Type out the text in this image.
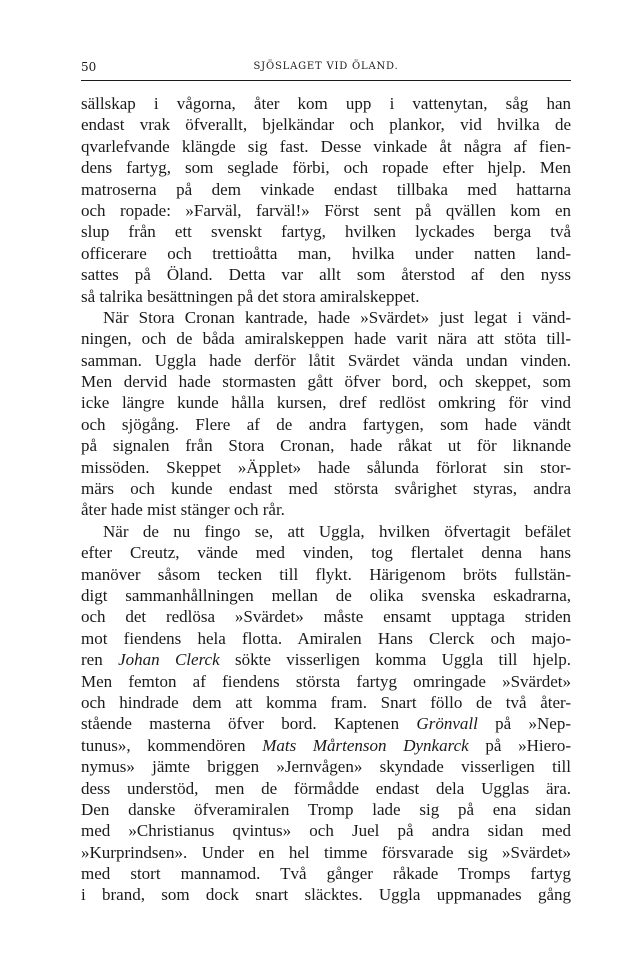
50	SJÖSLAGET VID ÖLAND.
sällskap i vågorna, åter kom upp i vattenytan, såg han
endast vrak öfverallt, bjelkändar och plankor, vid hvilka de
qvarlefvande klängde sig fast. Desse vinkade åt några af fien-
dens fartyg, som seglade förbi, och ropade efter hjelp. Men
matroserna på dem vinkade endast tillbaka med hattarna
och ropade: »Farväl, farväl!» Först sent på qvällen kom en
slup från ett svenskt fartyg, hvilken lyckades berga två
officerare och trettioåtta man, hvilka under natten land-
sattes på Öland. Detta var allt som återstod af den nyss
så talrika besättningen på det stora amiralskeppet.
När Stora Cronan kantrade, hade »Svärdet» just legat i vänd-
ningen, och de båda amiralskeppen hade varit nära att stöta till-
samman. Uggla hade derför låtit Svärdet vända undan vinden.
Men dervid hade stormasten gått öfver bord, och skeppet, som
icke längre kunde hålla kursen, dref redlöst omkring för vind
och sjögång. Flere af de andra fartygen, som hade vändt
på signalen från Stora Cronan, hade råkat ut för liknande
missöden. Skeppet »Äpplet» hade sålunda förlorat sin stor-
märs och kunde endast med största svårighet styras, andra
åter hade mist stänger och rår.
När de nu fingo se, att Uggla, hvilken öfvertagit befälet
efter Creutz, vände med vinden, tog flertalet denna hans
manöver såsom tecken till flykt. Härigenom bröts fullstän-
digt sammanhållningen mellan de olika svenska eskadrarna,
och det redlösa »Svärdet» måste ensamt upptaga striden
mot fiendens hela flotta. Amiralen Hans Clerck och majo-
ren Johan Clerck sökte visserligen komma Uggla till hjelp.
Men femton af fiendens största fartyg omringade »Svärdet»
och hindrade dem att komma fram. Snart föllo de två åter-
stående masterna öfver bord. Kaptenen Grönvall på »Nep-
tunus», kommendören Mats Mårtenson Dynkarck på »Hiero-
nymus» jämte briggen »Jernvågen» skyndade visserligen till
dess understöd, men de förmådde endast dela Ugglas ära.
Den danske öfveramiralen Tromp lade sig på ena sidan
med »Christianus qvintus» och Juel på andra sidan med
»Kurprindsen». Under en hel timme försvarade sig »Svärdet»
med stort mannamod. Två gånger råkade Tromps fartyg
i brand, som dock snart släcktes. Uggla uppmanades gång
